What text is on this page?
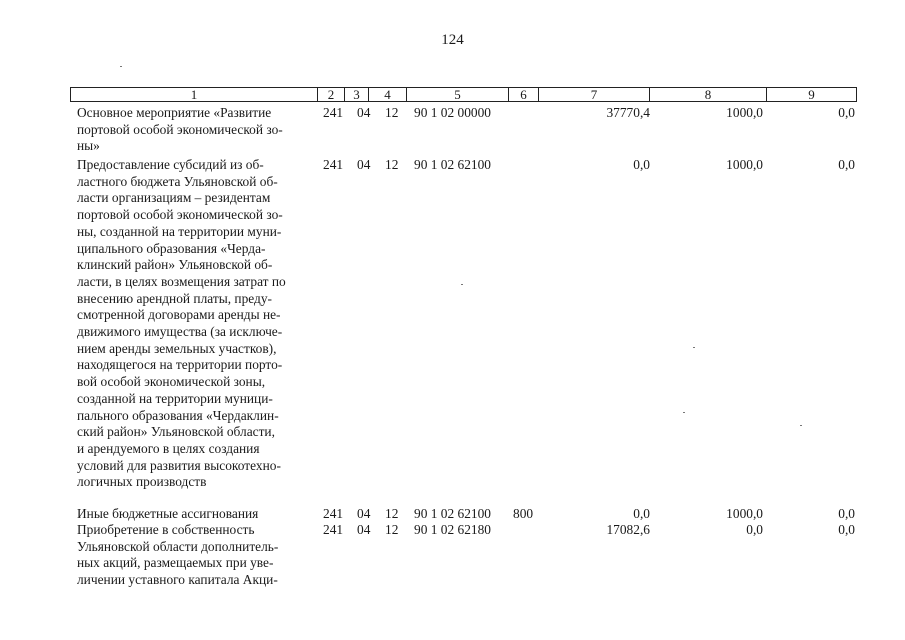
124
1	2	3	4	5	6	7	8	9
Основное мероприятие «Развитие
портовой особой экономической зо-
ны»
241 04 12 90 1 02 00000	37770,4	1000,0	0,0
Предоставление субсидий из об-
ластного бюджета Ульяновской об-
ласти организациям – резидентам
портовой особой экономической зо-
ны, созданной на территории муни-
ципального образования «Черда-
клинский район» Ульяновской об-
ласти, в целях возмещения затрат по
внесению арендной платы, преду-
смотренной договорами аренды не-
движимого имущества (за исключе-
нием аренды земельных участков),
находящегося на территории порто-
вой особой экономической зоны,
созданной на территории муници-
пального образования «Чердаклин-
ский район» Ульяновской области,
и арендуемого в целях создания
условий для развития высокотехно-
логичных производств
241 04 12 90 1 02 62100	0,0	1000,0	0,0
Иные бюджетные ассигнования	241 04 12 90 1 02 62100 800	0,0	1000,0	0,0
Приобретение в собственность
Ульяновской области дополнитель-
ных акций, размещаемых при уве-
личении уставного капитала Акци-
241 04 12 90 1 02 62180	17082,6	0,0	0,0
